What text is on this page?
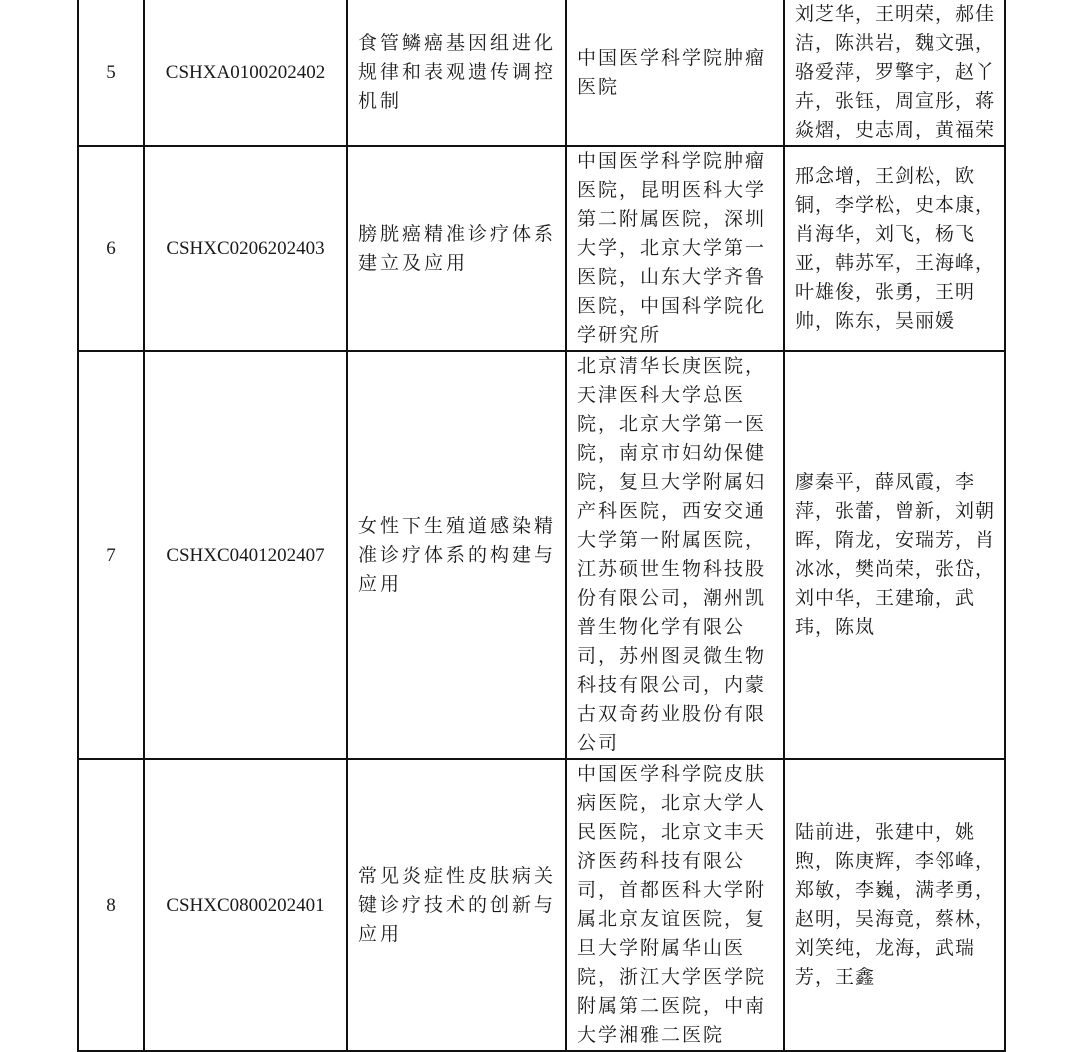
5	CSHXA0100202402	食管鳞癌基因组进化规律和表观遗传调控机制	中国医学科学院肿瘤医院	刘芝华，王明荣，郝佳洁，陈洪岩，魏文强，骆爱萍，罗擎宇，赵丫卉，张钰，周宣彤，蒋焱熠，史志周，黄福荣

6	CSHXC0206202403	膀胱癌精准诊疗体系建立及应用	中国医学科学院肿瘤医院，昆明医科大学第二附属医院，深圳大学，北京大学第一医院，山东大学齐鲁医院，中国科学院化学研究所	邢念增，王剑松，欧铜，李学松，史本康，肖海华，刘飞，杨飞亚，韩苏军，王海峰，叶雄俊，张勇，王明帅，陈东，吴丽媛

7	CSHXC0401202407	女性下生殖道感染精准诊疗体系的构建与应用	北京清华长庚医院，天津医科大学总医院，北京大学第一医院，南京市妇幼保健院，复旦大学附属妇产科医院，西安交通大学第一附属医院，江苏硕世生物科技股份有限公司，潮州凯普生物化学有限公司，苏州图灵微生物科技有限公司，内蒙古双奇药业股份有限公司	廖秦平，薛凤霞，李萍，张蕾，曾新，刘朝晖，隋龙，安瑞芳，肖冰冰，樊尚荣，张岱，刘中华，王建瑜，武玮，陈岚

8	CSHXC0800202401	常见炎症性皮肤病关键诊疗技术的创新与应用	中国医学科学院皮肤病医院，北京大学人民医院，北京文丰天济医药科技有限公司，首都医科大学附属北京友谊医院，复旦大学附属华山医院，浙江大学医学院附属第二医院，中南大学湘雅二医院	陆前进，张建中，姚煦，陈庚辉，李邻峰，郑敏，李巍，满孝勇，赵明，吴海竟，蔡林，刘笑纯，龙海，武瑞芳，王鑫
